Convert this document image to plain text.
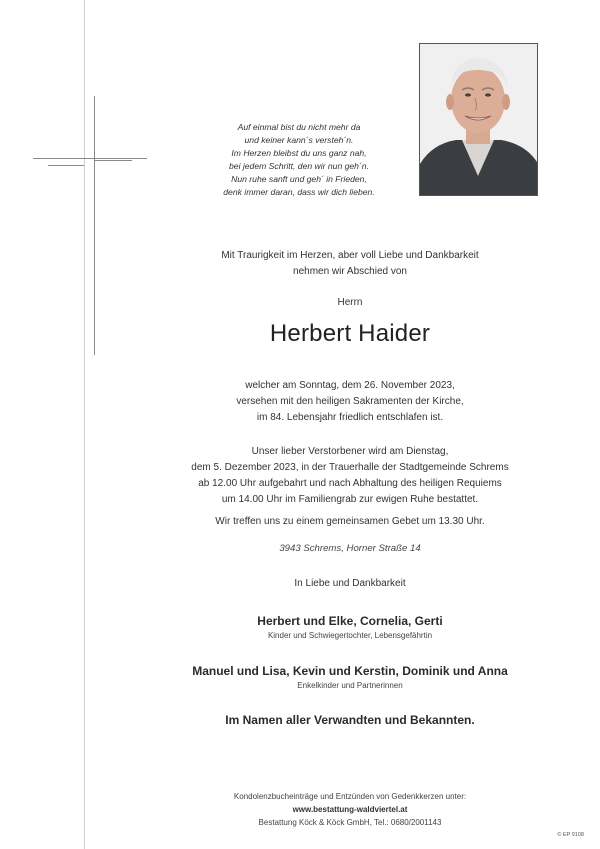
Auf einmal bist du nicht mehr da
und keiner kann´s versteh´n.
Im Herzen bleibst du uns ganz nah,
bei jedem Schritt, den wir nun geh´n.
Nun ruhe sanft und geh´ in Frieden,
denk immer daran, dass wir dich lieben.
Mit Traurigkeit im Herzen, aber voll Liebe und Dankbarkeit
nehmen wir Abschied von
Herrn
Herbert Haider
welcher am Sonntag, dem 26. November 2023,
versehen mit den heiligen Sakramenten der Kirche,
im 84. Lebensjahr friedlich entschlafen ist.
Unser lieber Verstorbener wird am Dienstag,
dem 5. Dezember 2023, in der Trauerhalle der Stadtgemeinde Schrems
ab 12.00 Uhr aufgebahrt und nach Abhaltung des heiligen Requiems
um 14.00 Uhr im Familiengrab zur ewigen Ruhe bestattet.
Wir treffen uns zu einem gemeinsamen Gebet um 13.30 Uhr.
3943 Schrems, Horner Straße 14
In Liebe und Dankbarkeit
Herbert und Elke, Cornelia, Gerti
Kinder und Schwiegertochter, Lebensgefährtin
Manuel und Lisa, Kevin und Kerstin, Dominik und Anna
Enkelkinder und Partnerinnen
Im Namen aller Verwandten und Bekannten.
Kondolenzbucheinträge und Entzünden von Gedenkkerzen unter:
www.bestattung-waldviertel.at
Bestattung Köck & Köck GmbH, Tel.: 0680/2001143
© EP 9108
